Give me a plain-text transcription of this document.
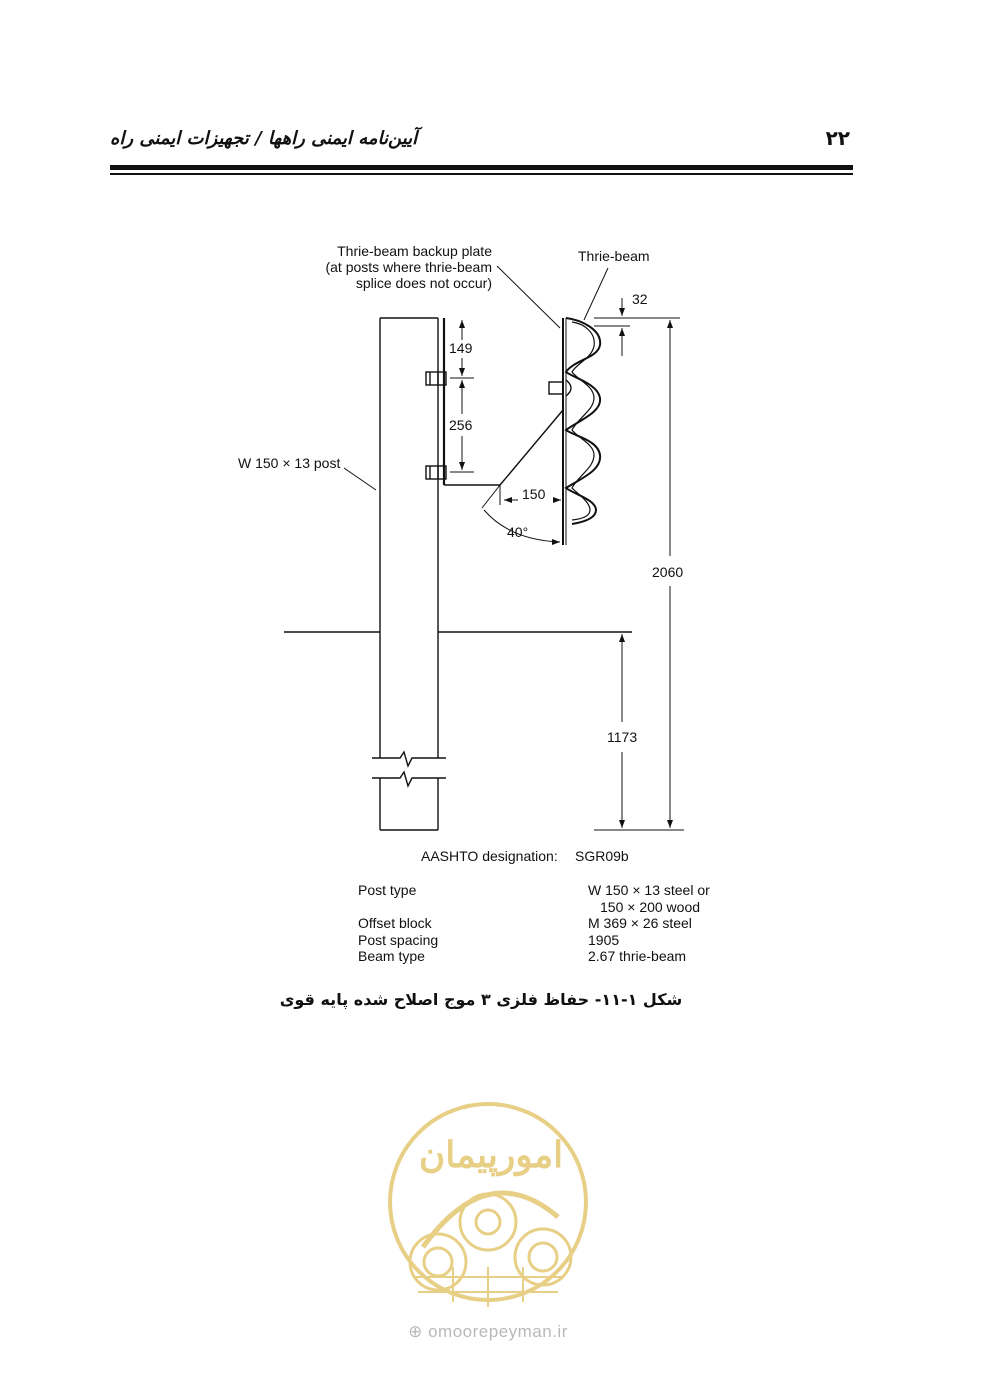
آیین‌نامه ایمنی راهها / تجهیزات ایمنی راه	۲۲
Thrie-beam backup plate
(at posts where thrie-beam
splice does not occur)
Thrie-beam
W 150 × 13 post
32
149
256
150
40°
2060
1173
AASHTO designation: SGR09b
Post type
Offset block
Post spacing
Beam type
W 150 × 13 steel or
150 × 200 wood
M 369 × 26 steel
1905
2.67 thrie-beam
شکل ۱-۱۱- حفاظ فلزی ۳ موج اصلاح شده پایه قوی
امورپیمان
⊕ omoorepeyman.ir
